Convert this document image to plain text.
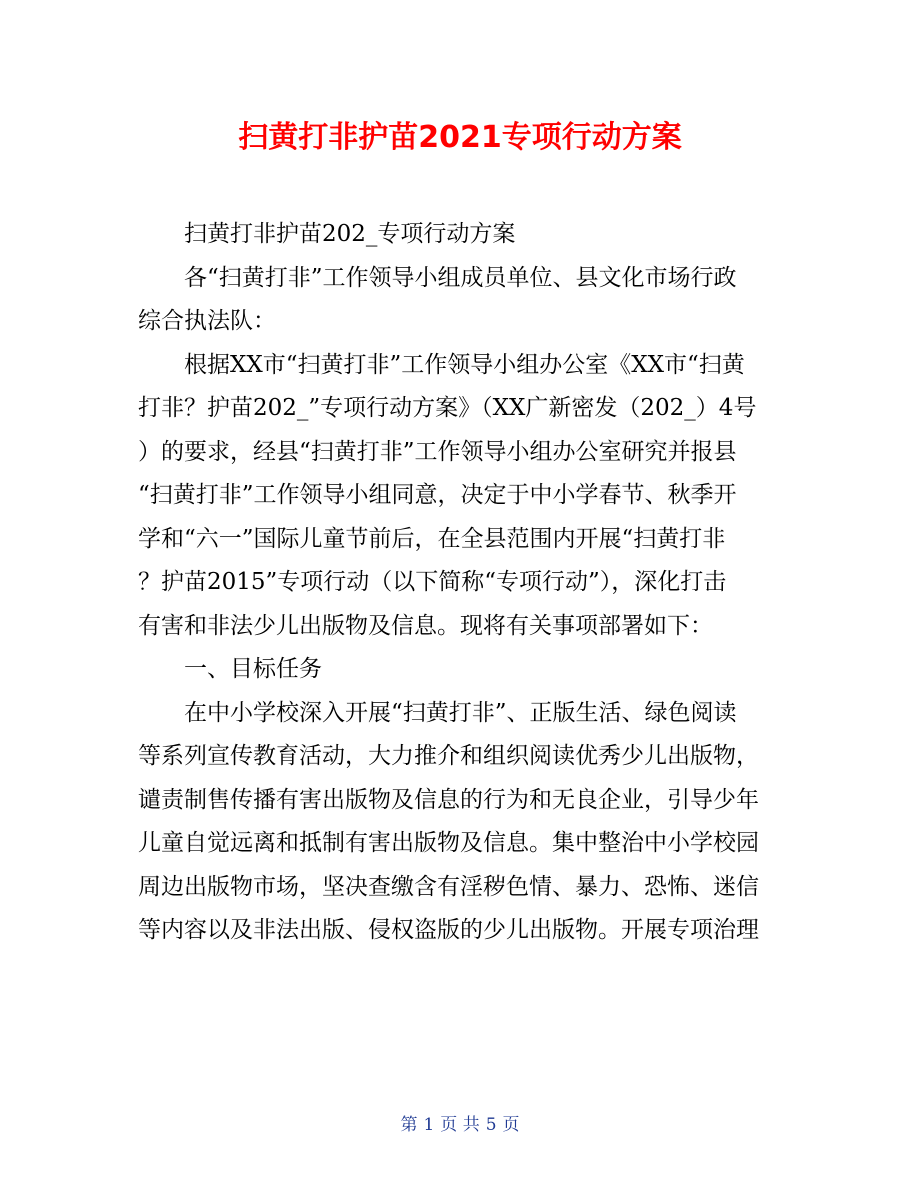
扫黄打非护苗2021专项行动方案
扫黄打非护苗202_专项行动方案
各“扫黄打非”工作领导小组成员单位、县文化市场行政
综合执法队：
根据XX市“扫黄打非”工作领导小组办公室《XX市“扫黄
打非？护苗202_”专项行动方案》（XX广新密发（202_）4号
）的要求，经县“扫黄打非”工作领导小组办公室研究并报县
“扫黄打非”工作领导小组同意，决定于中小学春节、秋季开
学和“六一”国际儿童节前后，在全县范围内开展“扫黄打非
？护苗2015”专项行动（以下简称“专项行动”），深化打击
有害和非法少儿出版物及信息。现将有关事项部署如下：
一、目标任务
在中小学校深入开展“扫黄打非”、正版生活、绿色阅读
等系列宣传教育活动，大力推介和组织阅读优秀少儿出版物，
谴责制售传播有害出版物及信息的行为和无良企业，引导少年
儿童自觉远离和抵制有害出版物及信息。集中整治中小学校园
周边出版物市场，坚决查缴含有淫秽色情、暴力、恐怖、迷信
等内容以及非法出版、侵权盗版的少儿出版物。开展专项治理
第 1 页 共 5 页
